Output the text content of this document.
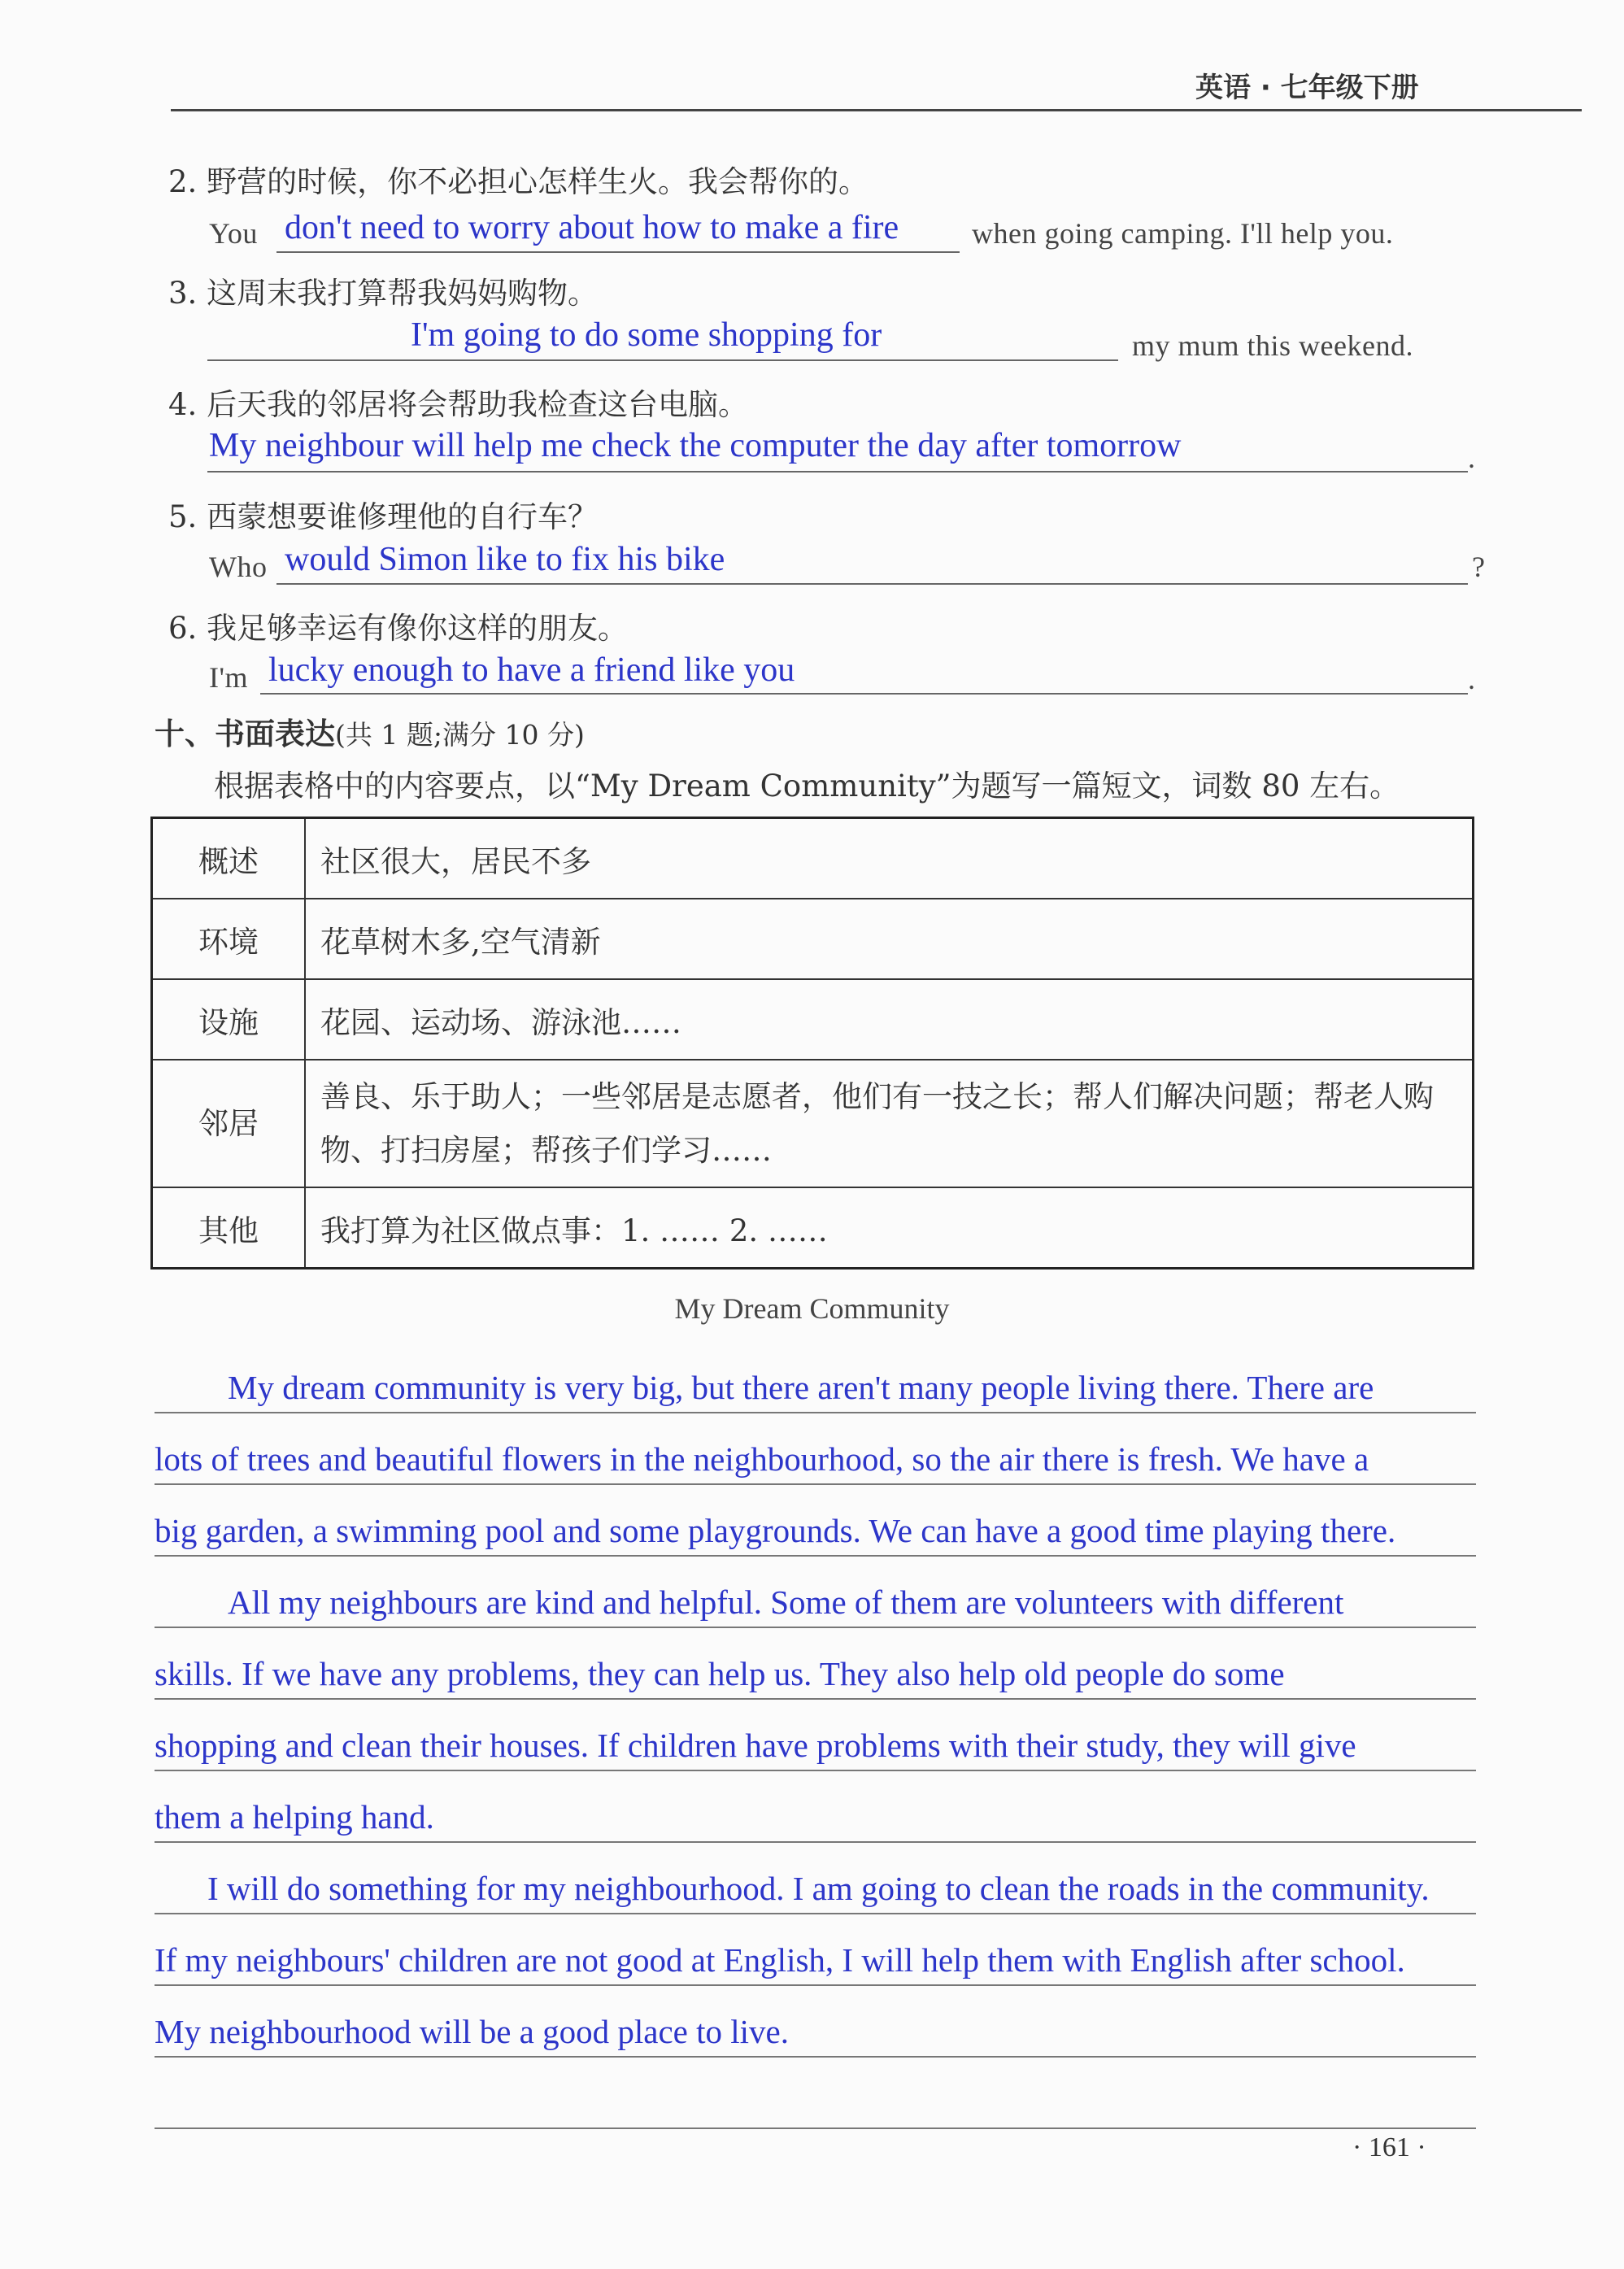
英语 · 七年级下册
2. 野营的时候，你不必担心怎样生火。我会帮你的。
You don't need to worry about how to make a fire when going camping. I'll help you.
3. 这周末我打算帮我妈妈购物。
I'm going to do some shopping for	my mum this weekend.
4. 后天我的邻居将会帮助我检查这台电脑。
My neighbour will help me check the computer the day after tomorrow	.
5. 西蒙想要谁修理他的自行车？
Who would Simon like to fix his bike	?
6. 我足够幸运有像你这样的朋友。
I'm lucky enough to have a friend like you	.
十、书面表达(共 1 题;满分 10 分)
根据表格中的内容要点，以“My Dream Community”为题写一篇短文，词数 80 左右。
概述	社区很大，居民不多
环境	花草树木多,空气清新
设施	花园、运动场、游泳池……
邻居	善良、乐于助人；一些邻居是志愿者，他们有一技之长；帮人们解决问题；帮老人购物、打扫房屋；帮孩子们学习……
其他	我打算为社区做点事：1. …… 2. ……
My Dream Community
My dream community is very big, but there aren't many people living there. There are
lots of trees and beautiful flowers in the neighbourhood, so the air there is fresh. We have a
big garden, a swimming pool and some playgrounds. We can have a good time playing there.
All my neighbours are kind and helpful. Some of them are volunteers with different
skills. If we have any problems, they can help us. They also help old people do some
shopping and clean their houses. If children have problems with their study, they will give
them a helping hand.
I will do something for my neighbourhood. I am going to clean the roads in the community.
If my neighbours' children are not good at English, I will help them with English after school.
My neighbourhood will be a good place to live.
· 161 ·
